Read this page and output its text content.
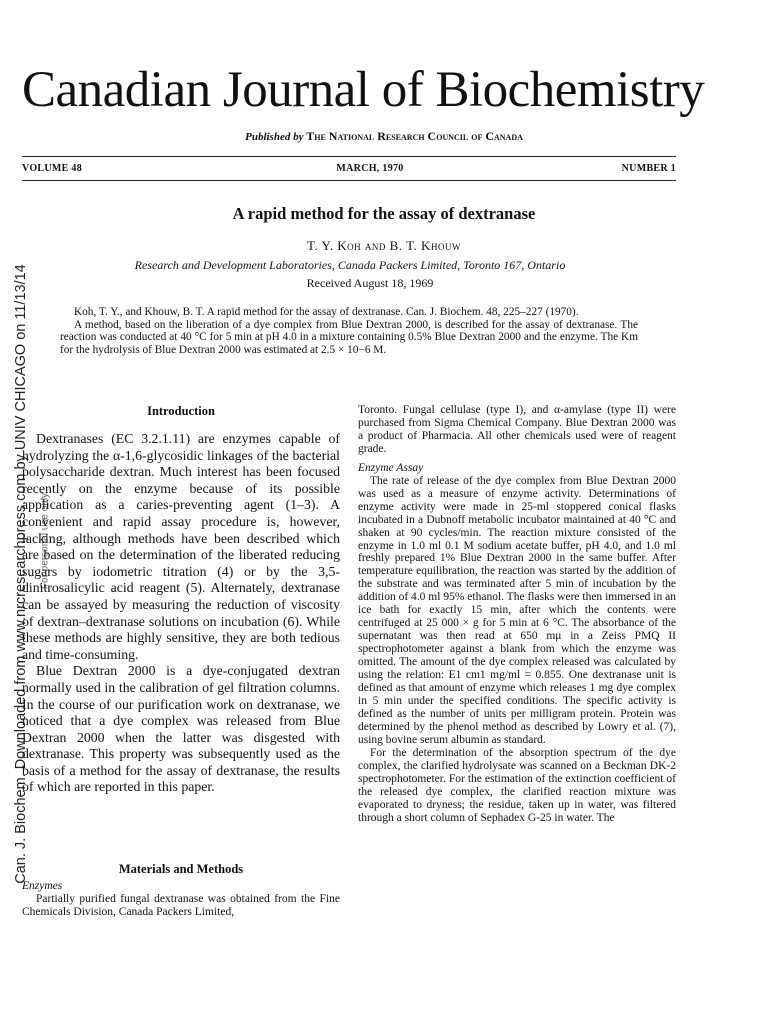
Canadian Journal of Biochemistry
Published by The National Research Council of Canada
VOLUME 48	MARCH, 1970	NUMBER 1
Can. J. Biochem. Downloaded from www.nrcresearchpress.com by UNIV CHICAGO on 11/13/14 For personal use only.
A rapid method for the assay of dextranase
T. Y. Koh and B. T. Khouw
Research and Development Laboratories, Canada Packers Limited, Toronto 167, Ontario
Received August 18, 1969

Koh, T. Y., and Khouw, B. T. A rapid method for the assay of dextranase. Can. J. Biochem. 48, 225–227 (1970).

A method, based on the liberation of a dye complex from Blue Dextran 2000, is described for the assay of dextranase. The reaction was conducted at 40 °C for 5 min at pH 4.0 in a mixture containing 0.5% Blue Dextran 2000 and the enzyme. The Km for the hydrolysis of Blue Dextran 2000 was estimated at 2.5 × 10−6 M.

Introduction

Dextranases (EC 3.2.1.11) are enzymes capable of hydrolyzing the α-1,6-glycosidic linkages of the bacterial polysaccharide dextran. Much interest has been focused recently on the enzyme because of its possible application as a caries-preventing agent (1–3). A convenient and rapid assay procedure is, however, lacking, although methods have been described which are based on the determination of the liberated reducing sugars by iodometric titration (4) or by the 3,5-dinitrosalicylic acid reagent (5). Alternately, dextranase can be assayed by measuring the reduction of viscosity of dextran–dextranase solutions on incubation (6). While these methods are highly sensitive, they are both tedious and time-consuming.

Blue Dextran 2000 is a dye-conjugated dextran normally used in the calibration of gel filtration columns. In the course of our purification work on dextranase, we noticed that a dye complex was released from Blue Dextran 2000 when the latter was disgested with dextranase. This property was subsequently used as the basis of a method for the assay of dextranase, the results of which are reported in this paper.

Materials and Methods
Enzymes

Partially purified fungal dextranase was obtained from the Fine Chemicals Division, Canada Packers Limited,

Toronto. Fungal cellulase (type I), and α-amylase (type II) were purchased from Sigma Chemical Company. Blue Dextran 2000 was a product of Pharmacia. All other chemicals used were of reagent grade.

Enzyme Assay

The rate of release of the dye complex from Blue Dextran 2000 was used as a measure of enzyme activity. Determinations of enzyme activity were made in 25-ml stoppered conical flasks incubated in a Dubnoff metabolic incubator maintained at 40 °C and shaken at 90 cycles/min. The reaction mixture consisted of the enzyme in 1.0 ml 0.1 M sodium acetate buffer, pH 4.0, and 1.0 ml freshly prepared 1% Blue Dextran 2000 in the same buffer. After temperature equilibration, the reaction was started by the addition of the substrate and was terminated after 5 min of incubation by the addition of 4.0 ml 95% ethanol. The flasks were then immersed in an ice bath for exactly 15 min, after which the contents were centrifuged at 25 000 × g for 5 min at 6 °C. The absorbance of the supernatant was then read at 650 mμ in a Zeiss PMQ II spectrophotometer against a blank from which the enzyme was omitted. The amount of the dye complex released was calculated by using the relation: E1 cm1 mg/ml = 0.855. One dextranase unit is defined as that amount of enzyme which releases 1 mg dye complex in 5 min under the specified conditions. The specific activity is defined as the number of units per milligram protein. Protein was determined by the phenol method as described by Lowry et al. (7), using bovine serum albumin as standard.

For the determination of the absorption spectrum of the dye complex, the clarified hydrolysate was scanned on a Beckman DK-2 spectrophotometer. For the estimation of the extinction coefficient of the released dye complex, the clarified reaction mixture was evaporated to dryness; the residue, taken up in water, was filtered through a short column of Sephadex G-25 in water. The
